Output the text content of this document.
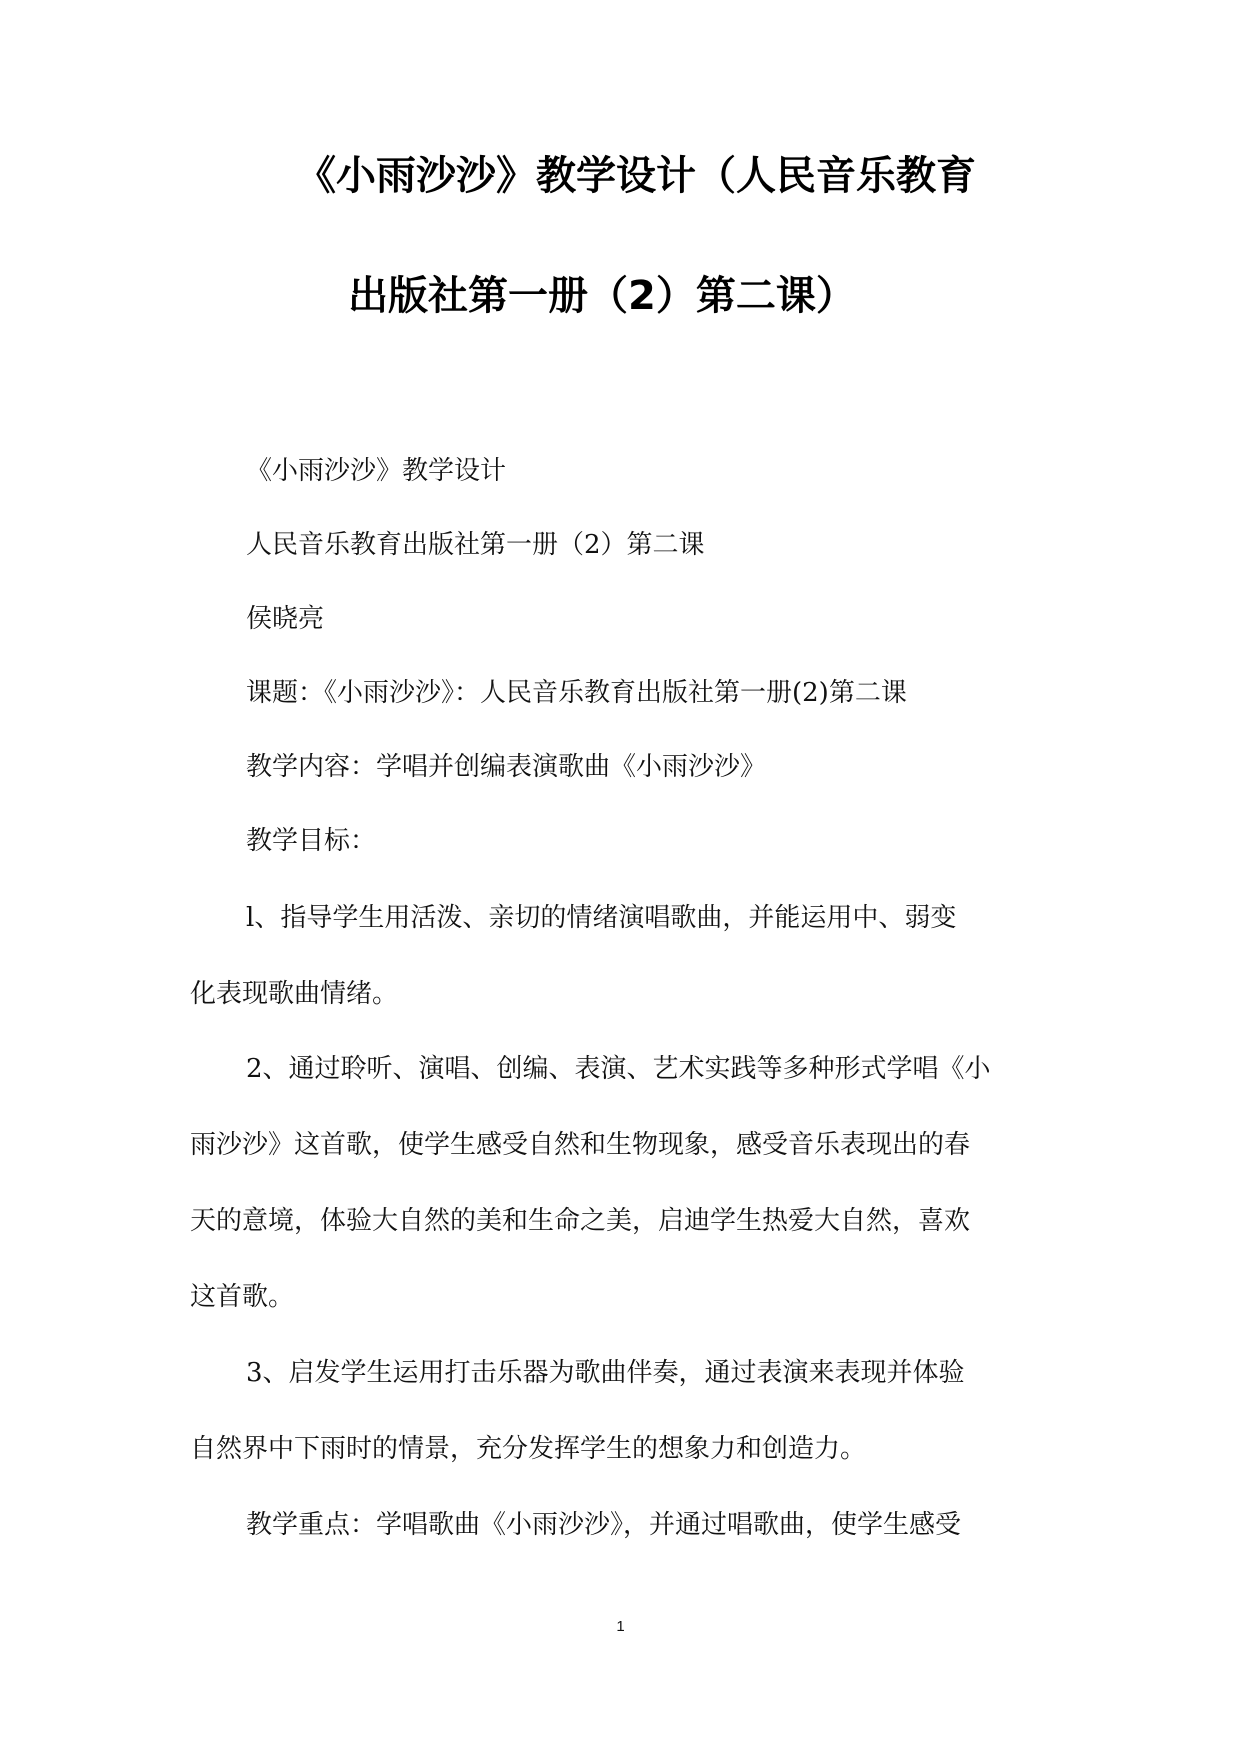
《小雨沙沙》教学设计（人民音乐教育
出版社第一册（2）第二课）
《小雨沙沙》教学设计
人民音乐教育出版社第一册（2）第二课
侯晓亮
课题：《小雨沙沙》：人民音乐教育出版社第一册(2)第二课
教学内容：学唱并创编表演歌曲《小雨沙沙》
教学目标：
l、指导学生用活泼、亲切的情绪演唱歌曲，并能运用中、弱变
化表现歌曲情绪。
2、通过聆听、演唱、创编、表演、艺术实践等多种形式学唱《小
雨沙沙》这首歌，使学生感受自然和生物现象，感受音乐表现出的春
天的意境，体验大自然的美和生命之美，启迪学生热爱大自然，喜欢
这首歌。
3、启发学生运用打击乐器为歌曲伴奏，通过表演来表现并体验
自然界中下雨时的情景，充分发挥学生的想象力和创造力。
教学重点：学唱歌曲《小雨沙沙》，并通过唱歌曲，使学生感受
1
